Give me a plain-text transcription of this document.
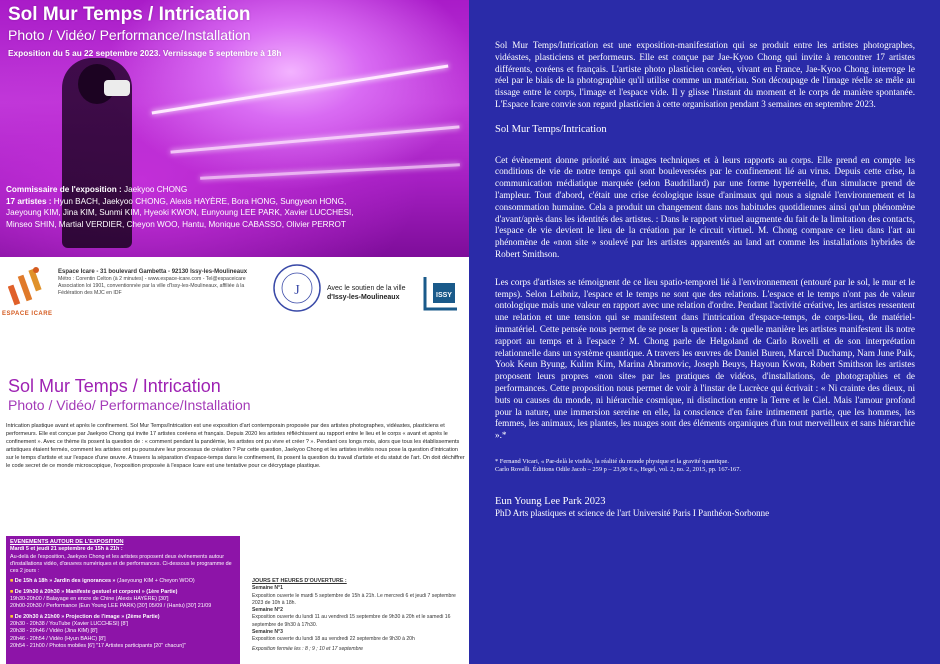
Sol Mur Temps / Intrication
Photo / Vidéo/ Performance/Installation
Exposition du 5 au 22 septembre 2023. Vernissage 5 septembre à 18h
Commissaire de l'exposition : Jaekyoo CHONG
17 artistes : Hyun BACH, Jaekyoo CHONG, Alexis HAYÈRE, Bora HONG, Sungyeon HONG, Jaeyoung KIM, Jina KIM, Sunmi KIM, Hyeoki KWON, Eunyoung LEE PARK, Xavier LUCCHESI, Minseo SHIN, Martial VERDIER, Cheyon WOO, Hantu, Monique CABASSO, Olivier PERROT
ESPACE ICARE
Espace Icare - 31 boulevard Gambetta - 92130 Issy-les-Moulineaux
Métro : Corentin Celton (à 2 minutes) - www.espace-icare.com - Tel@espaceicare
Association loi 1901, conventionnée par la ville d'Issy-les-Moulineaux, affiliée à la Fédération des MJC en IDF	J	Avec le soutien de la ville
d'Issy-les-Moulineaux	ISSY
Sol Mur Temps / Intrication
Photo / Vidéo/ Performance/Installation
Intrication plastique avant et après le confinement. Sol Mur Temps/Intrication est une exposition d'art contemporain proposée par des artistes photographes, vidéastes, plasticiens et performeurs. Elle est conçue par Jaekyoo Chong qui invite 17 artistes coréens et français. Depuis 2020 les artistes réfléchissent au rapport entre le lieu et le corps « avant et après le confinement ». Avec ce thème ils posent la question de : « comment pendant la pandémie, les artistes ont pu vivre et créer ? ». Pendant ces longs mois, alors que tous les établissements artistiques étaient fermés, comment les artistes ont pu poursuivre leur processus de création ? Par cette question, Jaekyoo Chong et les artistes invités nous pose la question d'intrication sur le temps d'artiste et sur l'espace d'une œuvre. A travers la séparation d'espace-temps dans le confinement, ils posent la question du travail d'artiste et du statut de l'art. On doit déchiffrer le code secret de ce monde microscopique, l'exposition proposée à l'espace Icare est une tentative pour ce décryptage plastique.
EVENEMENTS AUTOUR DE L'EXPOSITION
Mardi 5 et jeudi 21 septembre de 15h à 21h :
Au-delà de l'exposition, Jaekyoo Chong et les artistes proposent deux événements autour d'installations vidéo, d'œuvres numériques et de performances. Ci-dessous le programme de ces 2 jours :
■ De 15h à 18h » Jardin des ignorances » (Jaeyoung KIM + Cheyon WOO)
■ De 19h30 à 20h30 » Manifeste gestuel et corporel » (1ère Partie)
19h30-20h00 / Balayage en encre de Chine (Alexis HAYÈRE) [30']
20h00-20h30 / Performance (Eun Young LEE PARK) [30'] 05/09 / (Hantu) [30'] 21/09
■ De 20h30 à 21h00 » Projection de l'image » (2ème Partie)
20h30 - 20h38 / YouTube (Xavier LUCCHESI) [8']
20h38 - 20h46 / Vidéo (Jina KIM) [8']
20h46 - 20h54 / Vidéo (Hyun BAHC) [8']
20h54 - 21h00 / Photos mobiles [6'] "17 Artistes participants [20'' chacun]"
JOURS ET HEURES D'OUVERTURE :
Semaine N°1
Exposition ouverte le mardi 5 septembre de 15h à 21h. Le mercredi 6 et jeudi 7 septembre 2023 de 10h à 18h.
Semaine N°2
Exposition ouverte du lundi 11 au vendredi 15 septembre de 9h30 à 20h et le samedi 16 septembre de 9h30 à 17h30.
Semaine N°3
Exposition ouverte du lundi 18 au vendredi 22 septembre de 9h30 à 20h
Exposition fermée les : 8 ; 9 ; 10 et 17 septembre

Sol Mur Temps/Intrication est une exposition-manifestation qui se produit entre les artistes photographes, vidéastes, plasticiens et performeurs. Elle est conçue par Jae-Kyoo Chong qui invite à rencontrer 17 artistes différents, coréens et français. L'artiste photo plasticien coréen, vivant en France, Jae-Kyoo Chong interroge le réel par le biais de la photographie qu'il utilise comme un matériau. Son découpage de l'image réelle se mêle au tissage entre le corps, l'image et l'espace vide. Il y glisse l'instant du moment et le corps de manière spontanée. L'Espace Icare convie son regard plasticien à cette organisation pendant 3 semaines en septembre 2023.

Sol Mur Temps/Intrication

Cet évènement donne priorité aux images techniques et à leurs rapports au corps. Elle prend en compte les conditions de vie de notre temps qui sont bouleversées par le confinement lié au virus. Depuis cette crise, la communication médiatique marquée (selon Baudrillard) par une forme hyperréelle, d'un simulacre prend de l'ampleur. Tout d'abord, c'était une crise écologique issue d'animaux qui nous a signalé l'environnement et la consommation humaine. Cela a produit un changement dans nos habitudes quotidiennes ainsi qu'un phénomène d'avant/après dans les identités des artistes. : Dans le rapport virtuel augmente du fait de la limitation des contacts, l'espace de vie devient le lieu de la création par le circuit virtuel. M. Chong compare ce lieu dans l'art au phénomène de «non site » soulevé par les artistes apparentés au land art comme les installations hybrides de Robert Smithson.

Les corps d'artistes se témoignent de ce lieu spatio-temporel lié à l'environnement (entouré par le sol, le mur et le temps). Selon Leibniz, l'espace et le temps ne sont que des relations. L'espace et le temps n'ont pas de valeur ontologique mais une valeur en rapport avec une relation d'ordre. Pendant l'activité créative, les artistes ressentent une relation et une tension qui se manifestent dans l'intrication d'espace-temps, de corps-lieu, de matériel- immatériel. Cette pensée nous permet de se poser la question : de quelle manière les artistes manifestent ils notre rapport au temps et à l'espace ? M. Chong parle de Helgoland de Carlo Rovelli et de son interprétation relationnelle dans un système quantique. A travers les œuvres de Daniel Buren, Marcel Duchamp, Nam June Paik, Yook Keun Byung, Kulim Kim, Marina Abramovic, Joseph Beuys, Hayoun Kwon, Robert Smithson les artistes proposent leurs propres «non site» par les pratiques de vidéos, d'installations, de photographies et de performances. Cette proposition nous permet de voir à l'instar de Lucrèce qui écrivait : « Ni crainte des dieux, ni buts ou causes du monde, ni hiérarchie cosmique, ni distinction entre la Terre et le Ciel. Mais l'amour profond pour la nature, une immersion sereine en elle, la conscience d'en faire intimement partie, que les hommes, les femmes, les animaux, les plantes, les nuages sont des éléments organiques d'un tout merveilleux et sans hiérarchie ».*

* Fernand Vicari, « Par-delà le visible, la réalité du monde physique et la gravité quantique.
Carlo Rovelli. Éditions Odile Jacob – 259 p – 23,90 € », Hegel, vol. 2, no. 2, 2015, pp. 167-167.

Eun Young Lee Park 2023

PhD Arts plastiques et science de l'art Université Paris I Panthéon-Sorbonne
